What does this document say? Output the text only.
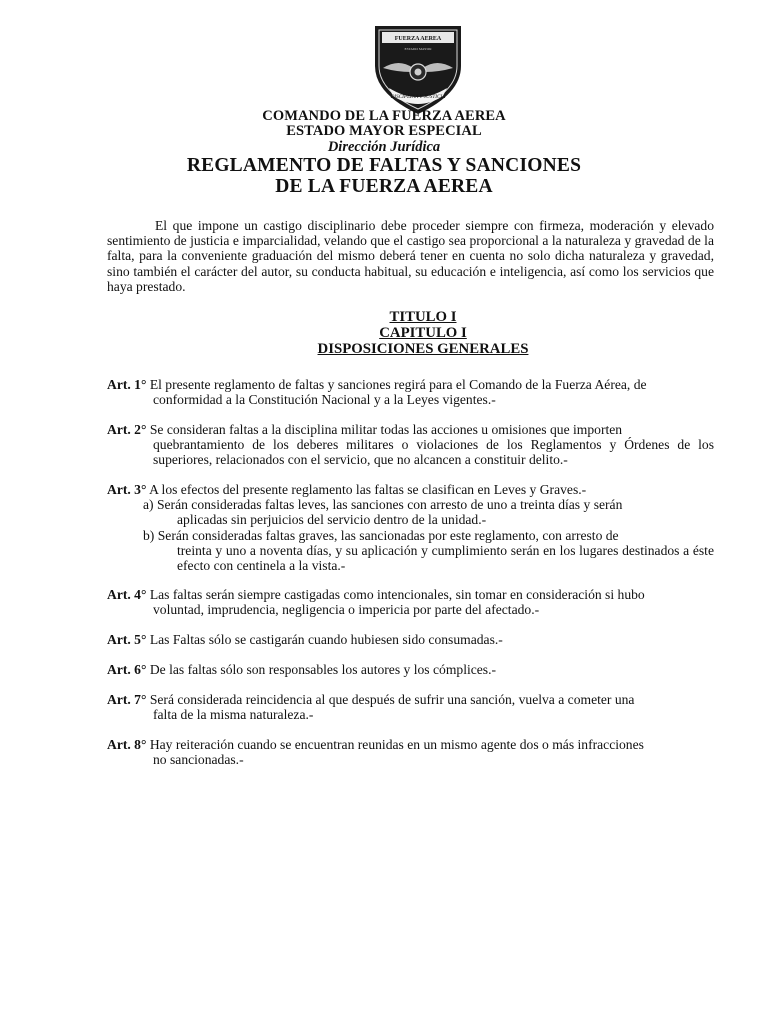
FUERZA AEREA
ESTADO MAYOR
DISCIPLINA Y JUSTICIA
COMANDO DE LA FUERZA AEREA
ESTADO MAYOR ESPECIAL
Dirección Jurídica
REGLAMENTO DE FALTAS Y SANCIONES
DE LA FUERZA AEREA
El que impone un castigo disciplinario debe proceder siempre con firmeza, moderación y elevado sentimiento de justicia e imparcialidad, velando que el castigo sea proporcional a la naturaleza y gravedad de la falta, para la conveniente graduación del mismo deberá tener en cuenta no solo dicha naturaleza y gravedad, sino también el carácter del autor, su conducta habitual, su educación e inteligencia, así como los servicios que haya prestado.
TITULO I
CAPITULO I
DISPOSICIONES GENERALES
Art. 1° El presente reglamento de faltas y sanciones regirá para el Comando de la Fuerza Aérea, de
conformidad a la Constitución Nacional y a la Leyes vigentes.-
Art. 2° Se consideran faltas a la disciplina militar todas las acciones u omisiones que importen
quebrantamiento de los deberes militares o violaciones de los Reglamentos y Órdenes de los superiores, relacionados con el servicio, que no alcancen a constituir delito.-
Art. 3° A los efectos del presente reglamento las faltas se clasifican en Leves y Graves.-
a) Serán consideradas faltas leves, las sanciones con arresto de uno a treinta días y serán
aplicadas sin perjuicios del servicio dentro de la unidad.-
b) Serán consideradas faltas graves, las sancionadas por este reglamento, con arresto de
treinta y uno a noventa días, y su aplicación y cumplimiento serán en los lugares destinados a éste efecto con centinela a la vista.-
Art. 4° Las faltas serán siempre castigadas como intencionales, sin tomar en consideración si hubo
voluntad, imprudencia, negligencia o impericia por parte del afectado.-
Art. 5° Las Faltas sólo se castigarán cuando hubiesen sido consumadas.-
Art. 6° De las faltas sólo son responsables los autores y los cómplices.-
Art. 7° Será considerada reincidencia al que después de sufrir una sanción, vuelva a cometer una
falta de la misma naturaleza.-
Art. 8° Hay reiteración cuando se encuentran reunidas en un mismo agente dos o más infracciones
no sancionadas.-
